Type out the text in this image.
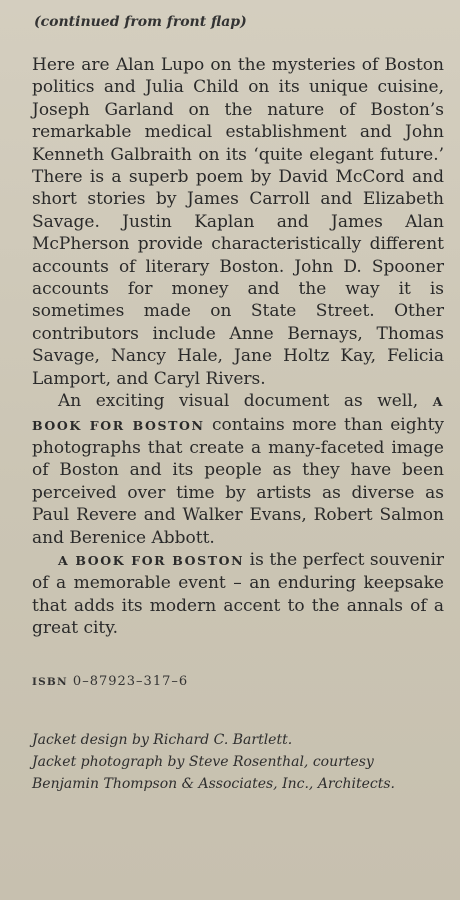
(continued from front flap)

Here are Alan Lupo on the mysteries of Boston politics and Julia Child on its unique cuisine, Joseph Garland on the nature of Boston’s remarkable medical establishment and John Kenneth Galbraith on its ‘quite elegant future.’ There is a superb poem by David McCord and short stories by James Carroll and Elizabeth Savage. Justin Kaplan and James Alan McPherson provide characteristically different accounts of literary Boston. John D. Spooner accounts for money and the way it is sometimes made on State Street. Other contributors include Anne Bernays, Thomas Savage, Nancy Hale, Jane Holtz Kay, Felicia Lamport, and Caryl Rivers.

An exciting visual document as well, A BOOK FOR BOSTON contains more than eighty photographs that create a many-faceted image of Boston and its people as they have been perceived over time by artists as diverse as Paul Revere and Walker Evans, Robert Salmon and Berenice Abbott.

A BOOK FOR BOSTON is the perfect souvenir of a memorable event – an enduring keepsake that adds its modern accent to the annals of a great city.

ISBN 0–87923–317–6
Jacket design by Richard C. Bartlett.
Jacket photograph by Steve Rosenthal, courtesy
Benjamin Thompson & Associates, Inc., Architects.
